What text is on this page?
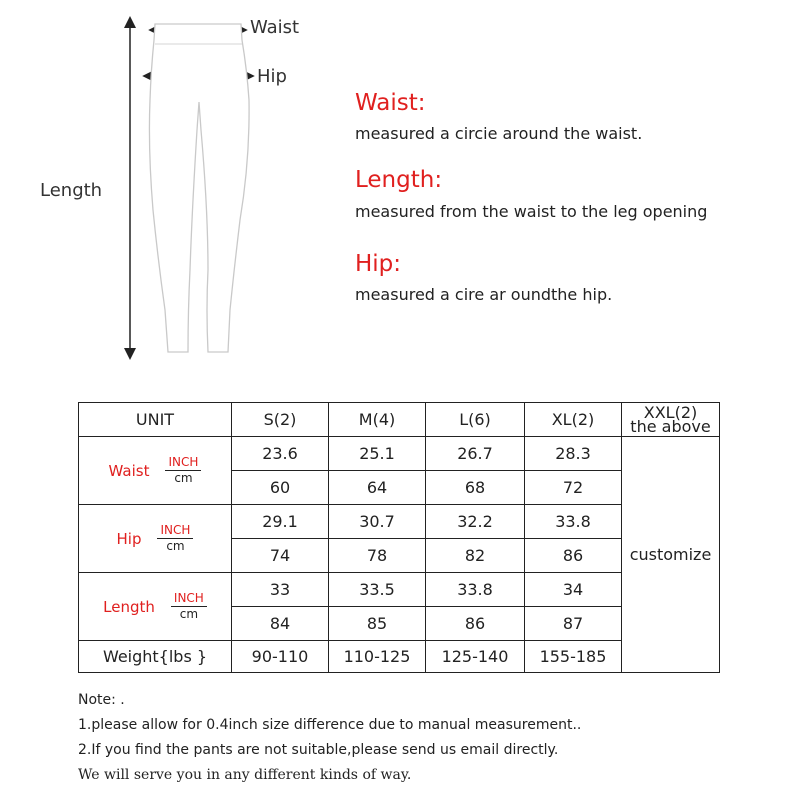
Waist
Hip
Length
Waist:
measured a circie around the waist.
Length:
measured from the waist to the leg opening
Hip:
measured a cire ar oundthe hip.
UNIT	S(2)	M(4)	L(6)	XL(2)	XXL(2)
the above

Waist $\frac{\text{INCH}}{cm}$	23.6	25.1	26.7	28.3	customize
	60	64	68	72	

Hip $\frac{\text{INCH}}{cm}$	29.1	30.7	32.2	33.8	
	74	78	82	86	

Length $\frac{\text{INCH}}{cm}$	33	33.5	33.8	34	
	84	85	86	87	
Weight{lbs }	90-110	110-125	125-140	155-185	
Note: .
1.please allow for 0.4inch size difference due to manual measurement..
2.If you find the pants are not suitable,please send us email directly.
We will serve you in any different kinds of way.
